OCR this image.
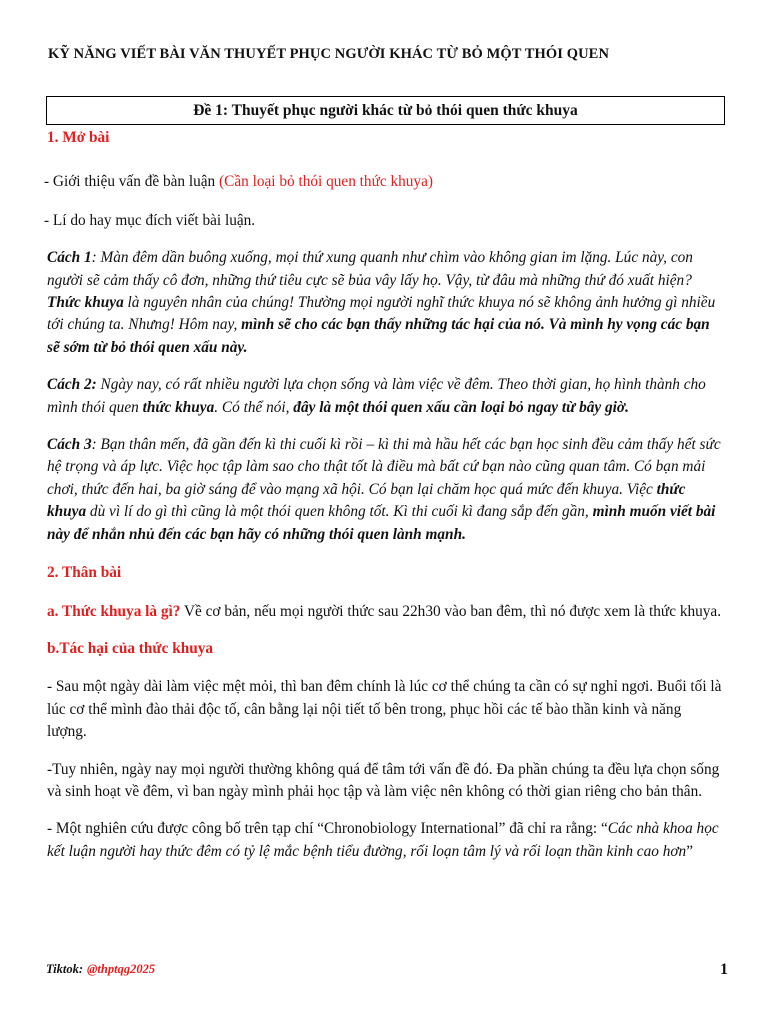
KỸ NĂNG VIẾT BÀI VĂN THUYẾT PHỤC NGƯỜI KHÁC TỪ BỎ MỘT THÓI QUEN
Đề 1: Thuyết phục người khác từ bỏ thói quen thức khuya

1. Mở bài

- Giới thiệu vấn đề bàn luận (Cần loại bỏ thói quen thức khuya)

- Lí do hay mục đích viết bài luận.

Cách 1: Màn đêm dần buông xuống, mọi thứ xung quanh như chìm vào không gian im lặng. Lúc này, con người sẽ cảm thấy cô đơn, những thứ tiêu cực sẽ bủa vây lấy họ. Vậy, từ đâu mà những thứ đó xuất hiện? Thức khuya là nguyên nhân của chúng! Thường mọi người nghĩ thức khuya nó sẽ không ảnh hưởng gì nhiều tới chúng ta. Nhưng! Hôm nay, mình sẽ cho các bạn thấy những tác hại của nó. Và mình hy vọng các bạn sẽ sớm từ bỏ thói quen xấu này.

Cách 2: Ngày nay, có rất nhiều người lựa chọn sống và làm việc về đêm. Theo thời gian, họ hình thành cho mình thói quen thức khuya. Có thể nói, đây là một thói quen xấu cần loại bỏ ngay từ bây giờ.

Cách 3: Bạn thân mến, đã gần đến kì thi cuối kì rồi – kì thi mà hầu hết các bạn học sinh đều cảm thấy hết sức hệ trọng và áp lực. Việc học tập làm sao cho thật tốt là điều mà bất cứ bạn nào cũng quan tâm. Có bạn mải chơi, thức đến hai, ba giờ sáng để vào mạng xã hội. Có bạn lại chăm học quá mức đến khuya. Việc thức khuya dù vì lí do gì thì cũng là một thói quen không tốt. Kì thi cuối kì đang sắp đến gần, mình muốn viết bài này để nhắn nhủ đến các bạn hãy có những thói quen lành mạnh.

2. Thân bài

a. Thức khuya là gì? Về cơ bản, nếu mọi người thức sau 22h30 vào ban đêm, thì nó được xem là thức khuya.

b.Tác hại của thức khuya

- Sau một ngày dài làm việc mệt mỏi, thì ban đêm chính là lúc cơ thể chúng ta cần có sự nghỉ ngơi. Buổi tối là lúc cơ thể mình đào thải độc tố, cân bằng lại nội tiết tố bên trong, phục hồi các tế bào thần kinh và năng lượng.

-Tuy nhiên, ngày nay mọi người thường không quá để tâm tới vấn đề đó. Đa phần chúng ta đều lựa chọn sống và sinh hoạt về đêm, vì ban ngày mình phải học tập và làm việc nên không có thời gian riêng cho bản thân.

- Một nghiên cứu được công bố trên tạp chí “Chronobiology International” đã chỉ ra rằng: “Các nhà khoa học kết luận người hay thức đêm có tỷ lệ mắc bệnh tiểu đường, rối loạn tâm lý và rối loạn thần kinh cao hơn”

Tiktok: @thptqg2025	1
